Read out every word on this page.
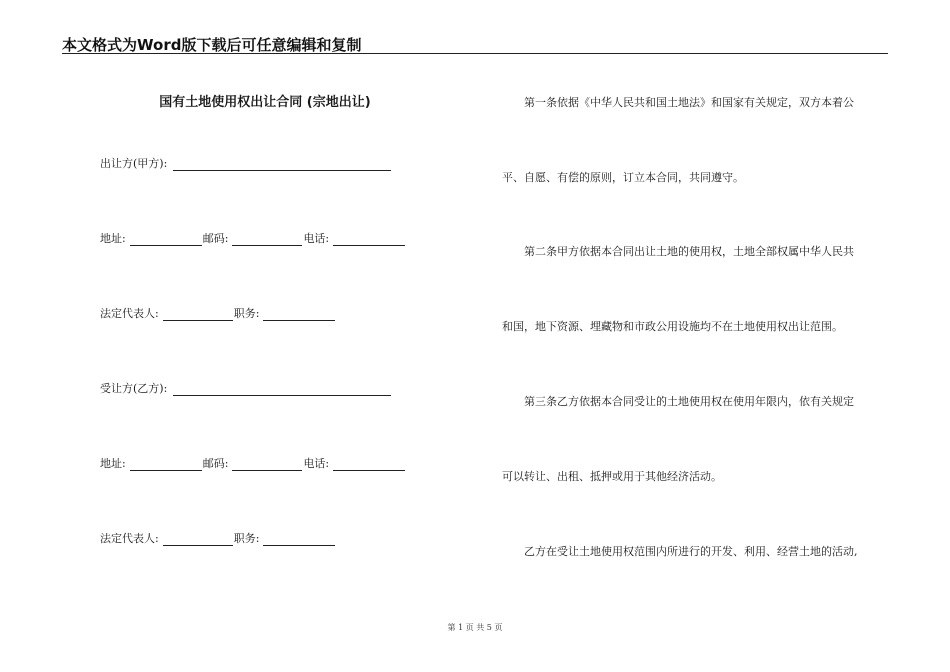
本文格式为Word版下载后可任意编辑和复制
国有土地使用权出让合同 (宗地出让)
出让方(甲方):
地址:	邮码:	电话:
法定代表人:	职务:
受让方(乙方):
地址:	邮码:	电话:
法定代表人:	职务:
第一条依据《中华人民共和国土地法》和国家有关规定，双方本着公
平、自愿、有偿的原则，订立本合同，共同遵守。
第二条甲方依据本合同出让土地的使用权，土地全部权属中华人民共
和国，地下资源、埋藏物和市政公用设施均不在土地使用权出让范围。
第三条乙方依据本合同受让的土地使用权在使用年限内，依有关规定
可以转让、出租、抵押或用于其他经济活动。
乙方在受让土地使用权范围内所进行的开发、利用、经营土地的活动,
第 1 页 共 5 页
